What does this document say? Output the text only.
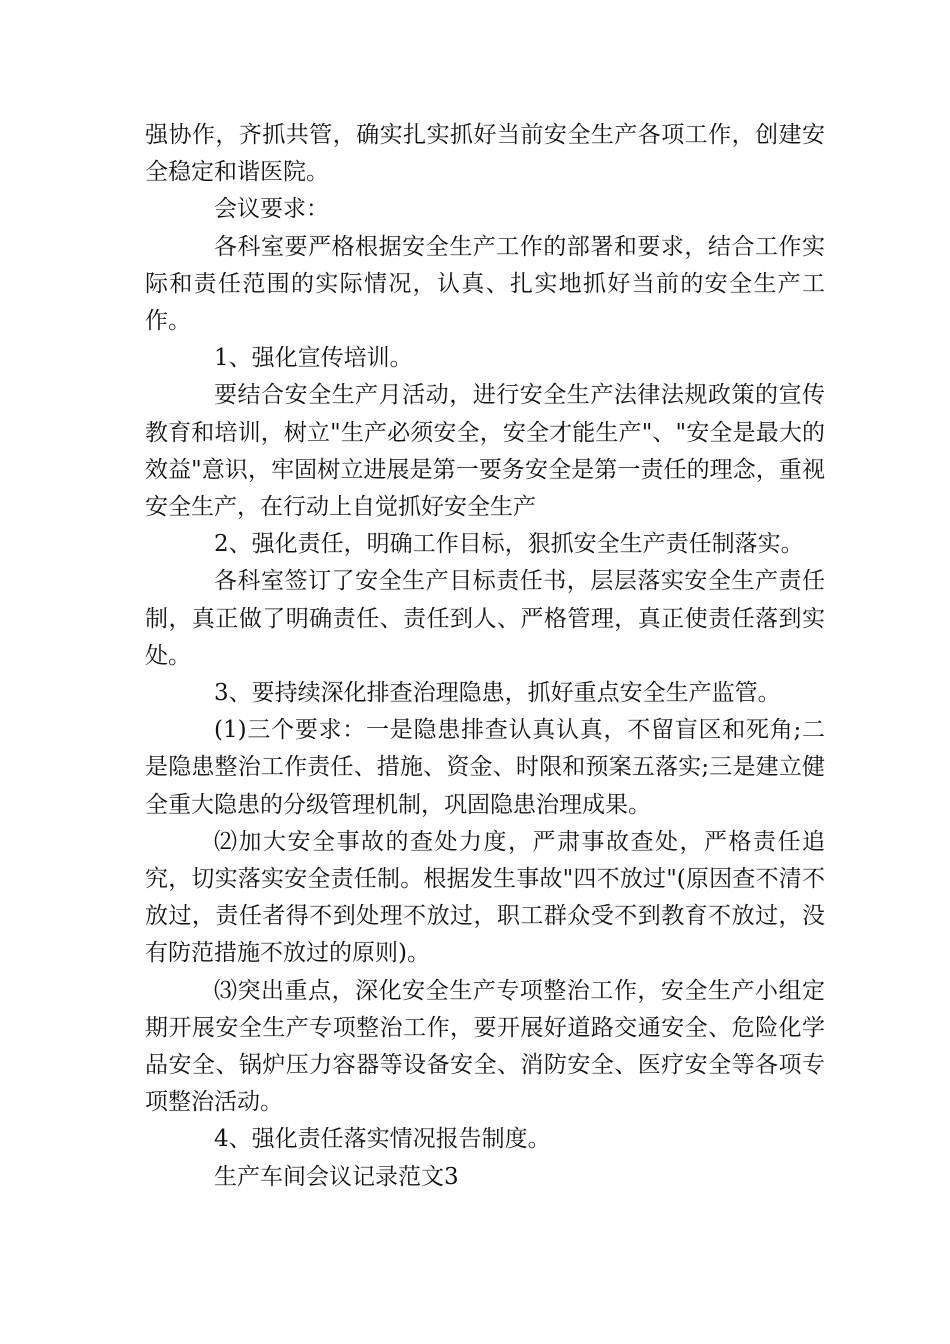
强协作，齐抓共管，确实扎实抓好当前安全生产各项工作，创建安全稳定和谐医院。

会议要求：

各科室要严格根据安全生产工作的部署和要求，结合工作实际和责任范围的实际情况，认真、扎实地抓好当前的安全生产工作。

1、强化宣传培训。

要结合安全生产月活动，进行安全生产法律法规政策的宣传教育和培训，树立"生产必须安全，安全才能生产"、"安全是最大的效益"意识，牢固树立进展是第一要务安全是第一责任的理念，重视安全生产，在行动上自觉抓好安全生产

2、强化责任，明确工作目标，狠抓安全生产责任制落实。

各科室签订了安全生产目标责任书，层层落实安全生产责任制，真正做了明确责任、责任到人、严格管理，真正使责任落到实处。

3、要持续深化排查治理隐患，抓好重点安全生产监管。

(1)三个要求：一是隐患排查认真认真，不留盲区和死角;二是隐患整治工作责任、措施、资金、时限和预案五落实;三是建立健全重大隐患的分级管理机制，巩固隐患治理成果。

⑵加大安全事故的查处力度，严肃事故查处，严格责任追究，切实落实安全责任制。根据发生事故"四不放过"(原因查不清不放过，责任者得不到处理不放过，职工群众受不到教育不放过，没有防范措施不放过的原则)。

⑶突出重点，深化安全生产专项整治工作，安全生产小组定期开展安全生产专项整治工作，要开展好道路交通安全、危险化学品安全、锅炉压力容器等设备安全、消防安全、医疗安全等各项专项整治活动。

4、强化责任落实情况报告制度。

生产车间会议记录范文3
